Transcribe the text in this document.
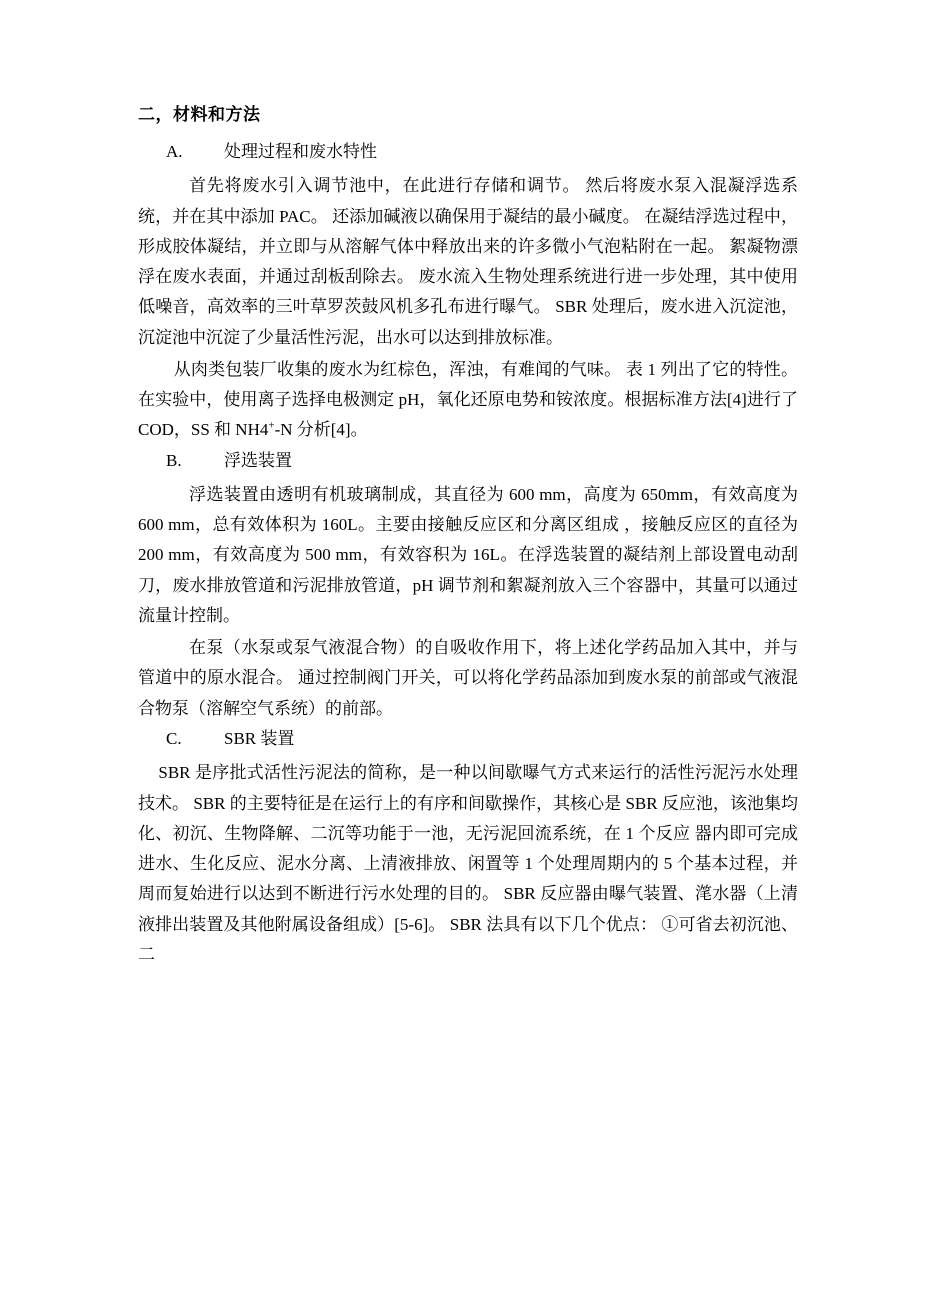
二，材料和方法
A. 处理过程和废水特性

首先将废水引入调节池中，在此进行存储和调节。 然后将废水泵入混凝浮选系统，并在其中添加 PAC。 还添加碱液以确保用于凝结的最小碱度。 在凝结浮选过程中，形成胶体凝结，并立即与从溶解气体中释放出来的许多微小气泡粘附在一起。 絮凝物漂浮在废水表面，并通过刮板刮除去。 废水流入生物处理系统进行进一步处理，其中使用低噪音，高效率的三叶草罗茨鼓风机多孔布进行曝气。 SBR 处理后，废水进入沉淀池，沉淀池中沉淀了少量活性污泥，出水可以达到排放标准。

从肉类包装厂收集的废水为红棕色，浑浊，有难闻的气味。 表 1 列出了它的特性。 在实验中，使用离子选择电极测定 pH，氧化还原电势和铵浓度。根据标准方法[4]进行了 COD，SS 和 NH4+-N 分析[4]。

B. 浮选装置

浮选装置由透明有机玻璃制成，其直径为 600 mm，高度为 650mm，有效高度为 600 mm，总有效体积为 160L。主要由接触反应区和分离区组成 ，接触反应区的直径为 200 mm，有效高度为 500 mm，有效容积为 16L。在浮选装置的凝结剂上部设置电动刮刀，废水排放管道和污泥排放管道，pH 调节剂和絮凝剂放入三个容器中，其量可以通过流量计控制。

在泵（水泵或泵气液混合物）的自吸收作用下，将上述化学药品加入其中，并与管道中的原水混合。 通过控制阀门开关，可以将化学药品添加到废水泵的前部或气液混合物泵（溶解空气系统）的前部。

C. SBR 装置

SBR 是序批式活性污泥法的简称，是一种以间歇曝气方式来运行的活性污泥污水处理技术。 SBR 的主要特征是在运行上的有序和间歇操作，其核心是 SBR 反应池，该池集均化、初沉、生物降解、二沉等功能于一池，无污泥回流系统，在 1 个反应 器内即可完成进水、生化反应、泥水分离、上清液排放、闲置等 1 个处理周期内的 5 个基本过程，并周而复始进行以达到不断进行污水处理的目的。 SBR 反应器由曝气装置、滗水器（上清液排出装置及其他附属设备组成）[5-6]。 SBR 法具有以下几个优点： ①可省去初沉池、 二
